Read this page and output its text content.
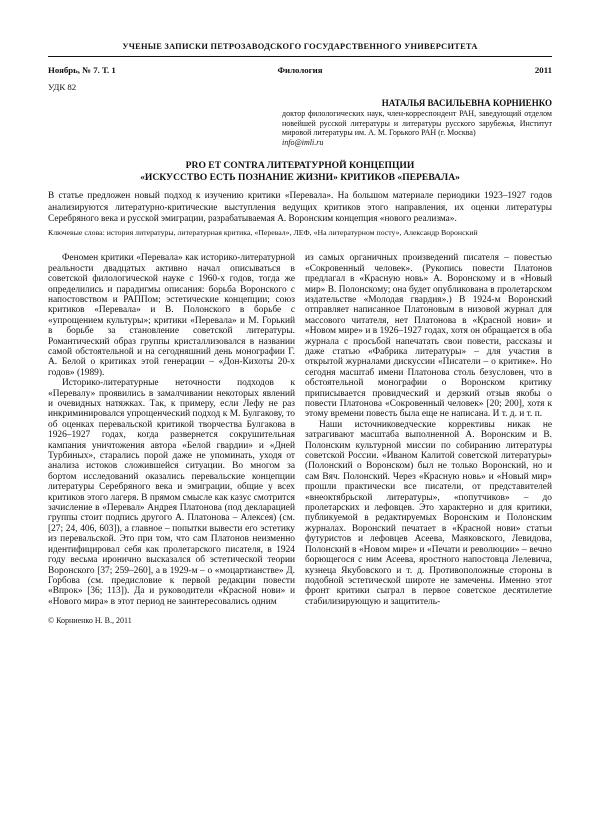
УЧЕНЫЕ ЗАПИСКИ ПЕТРОЗАВОДСКОГО ГОСУДАРСТВЕННОГО УНИВЕРСИТЕТА
Ноябрь, № 7. Т. 1	Филология	2011
УДК 82
НАТАЛЬЯ ВАСИЛЬЕВНА КОРНИЕНКО
доктор филологических наук, член-корреспондент РАН, заведующий отделом новейшей русской литературы и литературы русского зарубежья, Институт мировой литературы им. А. М. Горького РАН (г. Москва)
info@imli.ru
PRO ET CONTRA ЛИТЕРАТУРНОЙ КОНЦЕПЦИИ
«ИСКУССТВО ЕСТЬ ПОЗНАНИЕ ЖИЗНИ» КРИТИКОВ «ПЕРЕВАЛА»
В статье предложен новый подход к изучению критики «Перевала». На большом материале периодики 1923–1927 годов анализируются литературно-критические выступления ведущих критиков этого направления, их оценки литературы Серебряного века и русской эмиграции, разрабатываемая А. Воронским концепция «нового реализма».
Ключевые слова: история литературы, литературная критика, «Перевал», ЛЕФ, «На литературном посту», Александр Воронский

Феномен критики «Перевала» как историко-литературной реальности двадцатых активно начал описываться в советской филологической науке с 1960-х годов, тогда же определились и парадигмы описания: борьба Воронского с напостовством и РАППом; эстетические концепции; союз критиков «Перевала» и В. Полонского в борьбе с «упрощением культуры»; критики «Перевала» и М. Горький в борьбе за становление советской литературы. Романтический образ группы кристаллизовался в названии самой обстоятельной и на сегодняшний день монографии Г. А. Белой о критиках этой генерации – «Дон-Кихоты 20-х годов» (1989).

Историко-литературные неточности подходов к «Перевалу» проявились в замалчивании некоторых явлений и очевидных натяжках. Так, к примеру, если Лефу не раз инкриминировался упрощенческий подход к М. Булгакову, то об оценках перевальской критикой творчества Булгакова в 1926–1927 годах, когда развернется сокрушительная кампания уничтожения автора «Белой гвардии» и «Дней Турбиных», старались порой даже не упоминать, уходя от анализа истоков сложившейся ситуации. Во многом за бортом исследований оказались перевальские концепции литературы Серебряного века и эмиграции, общие у всех критиков этого лагеря. В прямом смысле как казус смотрится зачисление в «Перевал» Андрея Платонова (под декларацией группы стоит подпись другого А. Платонова – Алексея) (см. [27; 24, 406, 603]), а главное – попытки вывести его эстетику из перевальской. Это при том, что сам Платонов неизменно идентифицировал себя как пролетарского писателя, в 1924 году весьма иронично высказался об эстетической теории Воронского [37; 259–260], а в 1929-м – о «моцартианстве» Д. Горбова (см. предисловие к первой редакции повести «Впрок» [36; 113]). Да и руководители «Красной нови» и «Нового мира» в этот период не заинтересовались одним

из самых органичных произведений писателя – повестью «Сокровенный человек». (Рукопись повести Платонов предлагал в «Красную новь» А. Воронскому и в «Новый мир» В. Полонскому; она будет опубликована в пролетарском издательстве «Молодая гвардия».) В 1924-м Воронский отправляет написанное Платоновым в низовой журнал для массового читателя, нет Платонова в «Красной нови» и «Новом мире» и в 1926–1927 годах, хотя он обращается в оба журнала с просьбой напечатать свои повести, рассказы и даже статью «Фабрика литературы» – для участия в открытой журналами дискуссии «Писатели – о критике». Но сегодня масштаб имени Платонова столь безусловен, что в обстоятельной монографии о Воронском критику приписывается провидческий и дерзкий отзыв якобы о повести Платонова «Сокровенный человек» [20; 200], хотя к этому времени повесть была еще не написана. И т. д. и т. п.

Наши источниковедческие коррективы никак не затрагивают масштаба выполненной А. Воронским и В. Полонским культурной миссии по собиранию литературы советской России. «Иваном Калитой советской литературы» (Полонский о Воронском) был не только Воронский, но и сам Вяч. Полонский. Через «Красную новь» и «Новый мир» прошли практически все писатели, от представителей «внеоктябрьской литературы», «попутчиков» – до пролетарских и лефовцев. Это характерно и для критики, публикуемой в редактируемых Воронским и Полонским журналах. Воронский печатает в «Красной нови» статьи футуристов и лефовцев Асеева, Маяковского, Левидова, Полонский в «Новом мире» и «Печати и революции» – вечно борющегося с ним Асеева, яростного напостовца Лелевича, кузнеца Якубовского и т. д. Противоположные стороны в подобной эстетической широте не замечены. Именно этот фронт критики сыграл в первое советское десятилетие стабилизирующую и защититель-

© Корниенко Н. В., 2011
